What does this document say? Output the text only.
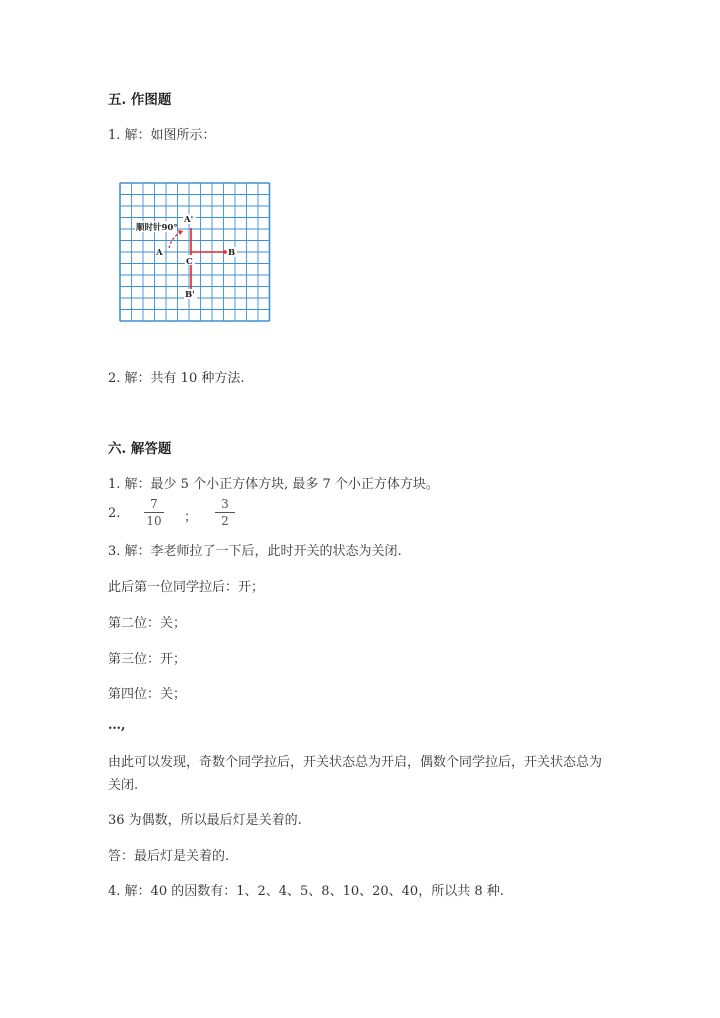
五. 作图题
1. 解：如图所示：
顺时针90°
A'
A
C
B
B'
2. 解：共有 10 种方法.
六. 解答题
1. 解：最少 5 个小正方体方块, 最多 7 个小正方体方块。
2.
7
10 ；
3
2
3. 解：李老师拉了一下后，此时开关的状态为关闭.
此后第一位同学拉后：开；
第二位：关；
第三位：开；
第四位：关；
…,
由此可以发现，奇数个同学拉后，开关状态总为开启，偶数个同学拉后，开关状态总为关闭.
36 为偶数，所以最后灯是关着的.
答：最后灯是关着的.
4. 解：40 的因数有：1、2、4、5、8、10、20、40，所以共 8 种.
